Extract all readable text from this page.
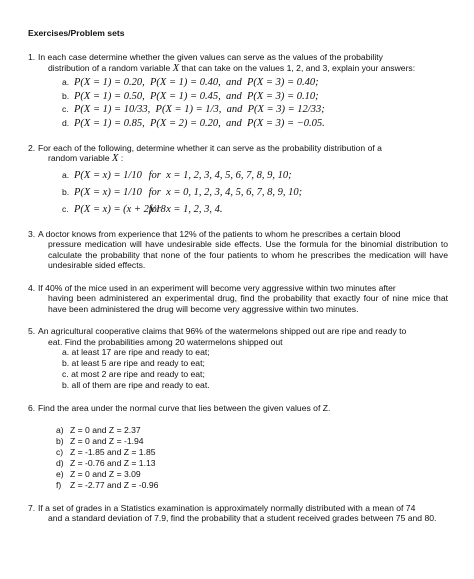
Exercises/Problem sets
1. In each case determine whether the given values can serve as the values of the probability
distribution of a random variable X that can take on the values 1, 2, and 3, explain your answers:
a. P(X = 1) = 0.20,  P(X = 1) = 0.40,  and  P(X = 3) = 0.40;
b. P(X = 1) = 0.50,  P(X = 1) = 0.45,  and  P(X = 3) = 0.10;
c. P(X = 1) = 10/33,  P(X = 1) = 1/3,  and  P(X = 3) = 12/33;
d. P(X = 1) = 0.85,  P(X = 2) = 0.20,  and  P(X = 3) = −0.05.
2. For each of the following, determine whether it can serve as the probability distribution of a
random variable X :
a. P(X = x) = 1/10 for  x = 1, 2, 3, 4, 5, 6, 7, 8, 9, 10;
b. P(X = x) = 1/10 for  x = 0, 1, 2, 3, 4, 5, 6, 7, 8, 9, 10;
c. P(X = x) = (x + 2)/18 for  x = 1, 2, 3, 4.
3. A doctor knows from experience that 12% of the patients to whom he prescribes a certain blood
pressure medication will have undesirable side effects. Use the formula for the binomial distribution to calculate the probability that none of the four patients to whom he prescribes the medication will have undesirable sided effects.
4. If 40% of the mice used in an experiment will become very aggressive within two minutes after
having been administered an experimental drug, find the probability that exactly four of nine mice that have been administered the drug will become very aggressive within two minutes.
5. An agricultural cooperative claims that 96% of the watermelons shipped out are ripe and ready to
eat. Find the probabilities among 20 watermelons shipped out
a. at least 17 are ripe and ready to eat;
b. at least 5 are ripe and ready to eat;
c. at most 2 are ripe and ready to eat;
b. all of them are ripe and ready to eat.
6. Find the area under the normal curve that lies between the given values of Z.
a) Z = 0 and Z = 2.37
b) Z = 0 and Z = -1.94
c) Z = -1.85 and Z = 1.85
d) Z = -0.76 and Z = 1.13
e) Z = 0 and Z = 3.09
f)	Z = -2.77 and Z = -0.96
7. If a set of grades in a Statistics examination is approximately normally distributed with a mean of 74
and a standard deviation of 7.9, find the probability that a student received grades between 75 and 80.
